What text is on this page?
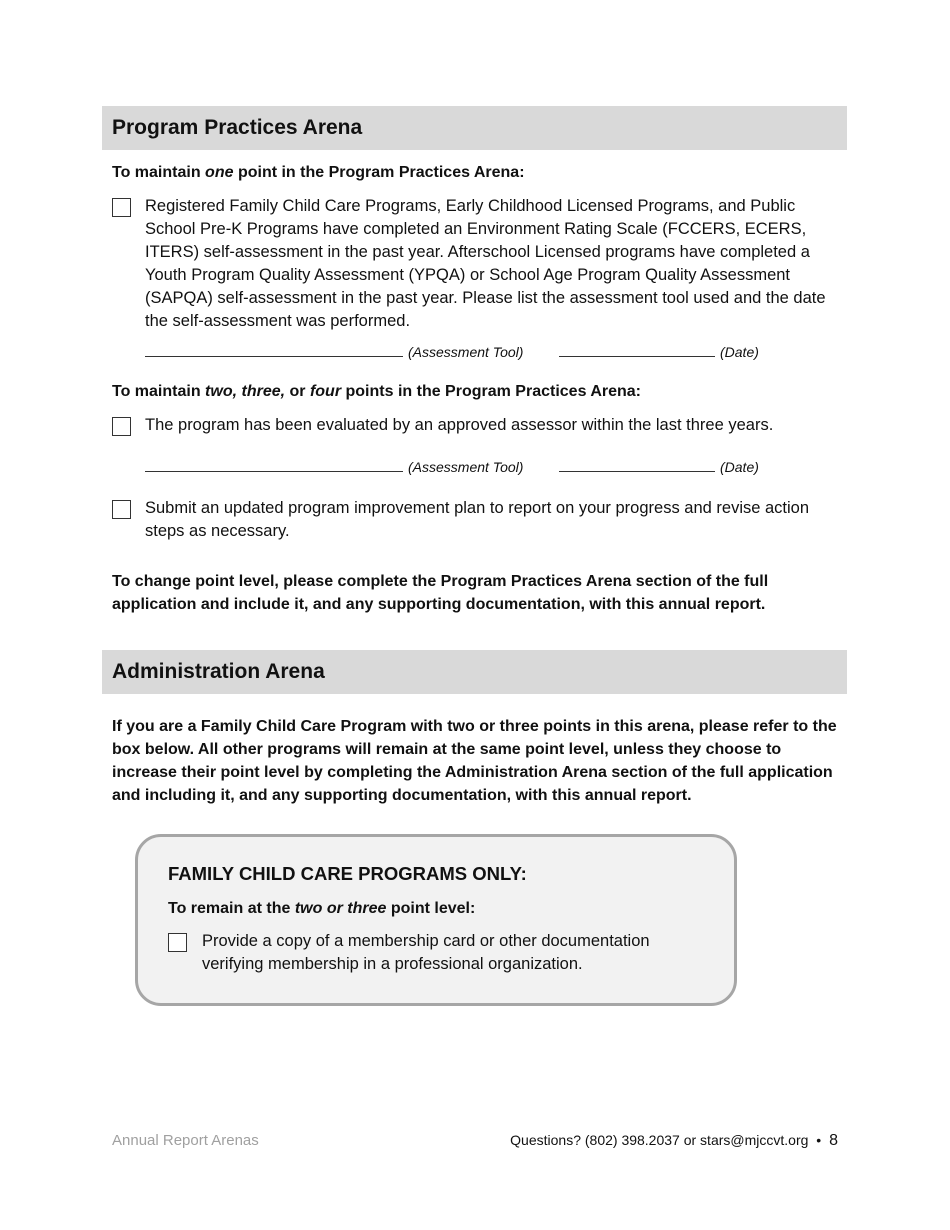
Program Practices Arena
To maintain one point in the Program Practices Arena:
Registered Family Child Care Programs, Early Childhood Licensed Programs, and Public School Pre-K Programs have completed an Environment Rating Scale (FCCERS, ECERS, ITERS) self-assessment in the past year. Afterschool Licensed programs have completed a Youth Program Quality Assessment (YPQA) or School Age Program Quality Assessment (SAPQA) self-assessment in the past year. Please list the assessment tool used and the date the self-assessment was performed.
(Assessment Tool)	(Date)
To maintain two, three, or four points in the Program Practices Arena:
The program has been evaluated by an approved assessor within the last three years.
(Assessment Tool)	(Date)
Submit an updated program improvement plan to report on your progress and revise action steps as necessary.
To change point level, please complete the Program Practices Arena section of the full application and include it, and any supporting documentation, with this annual report.
Administration Arena
If you are a Family Child Care Program with two or three points in this arena, please refer to the box below. All other programs will remain at the same point level, unless they choose to increase their point level by completing the Administration Arena section of the full application and including it, and any supporting documentation, with this annual report.
FAMILY CHILD CARE PROGRAMS ONLY:
To remain at the two or three point level:
Provide a copy of a membership card or other documentation verifying membership in a professional organization.
Annual Report Arenas	Questions? (802) 398.2037 or stars@mjccvt.org • 8
